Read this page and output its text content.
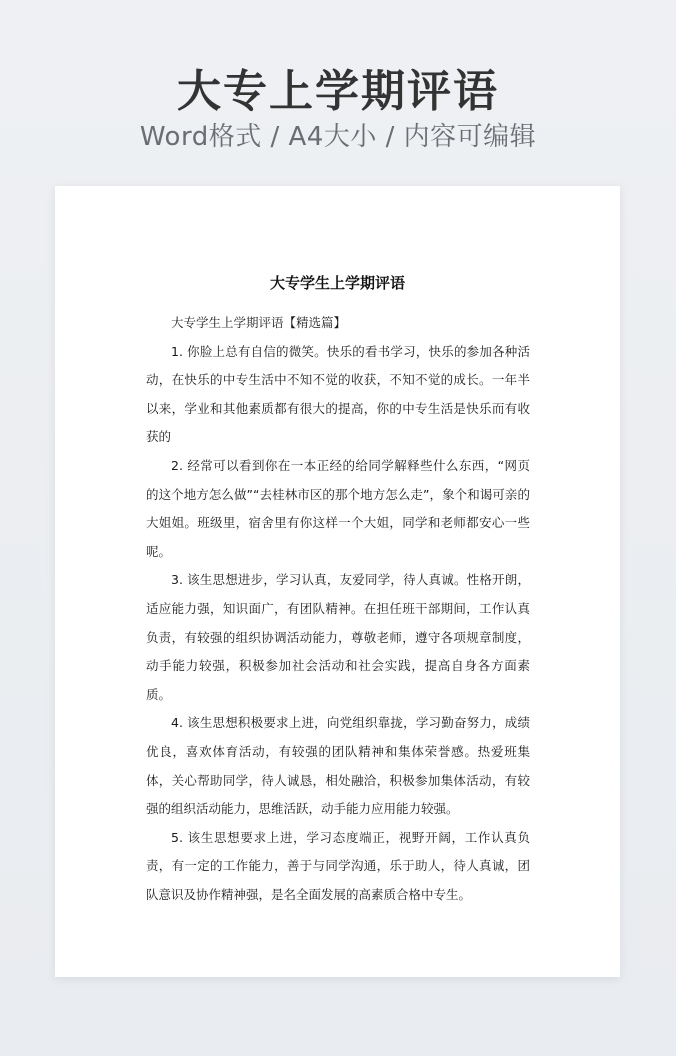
大专上学期评语
Word格式 / A4大小 / 内容可编辑
大专学生上学期评语

大专学生上学期评语【精选篇】

1. 你脸上总有自信的微笑。快乐的看书学习，快乐的参加各种活动，在快乐的中专生活中不知不觉的收获，不知不觉的成长。一年半以来，学业和其他素质都有很大的提高，你的中专生活是快乐而有收获的

2. 经常可以看到你在一本正经的给同学解释些什么东西，“网页的这个地方怎么做”“去桂林市区的那个地方怎么走”，象个和谒可亲的大姐姐。班级里，宿舍里有你这样一个大姐，同学和老师都安心一些呢。

3. 该生思想进步，学习认真，友爱同学，待人真诚。性格开朗，适应能力强，知识面广，有团队精神。在担任班干部期间，工作认真负责，有较强的组织协调活动能力，尊敬老师，遵守各项规章制度，动手能力较强，积极参加社会活动和社会实践，提高自身各方面素质。

4. 该生思想积极要求上进，向党组织靠拢，学习勤奋努力，成绩优良，喜欢体育活动，有较强的团队精神和集体荣誉感。热爱班集体，关心帮助同学，待人诚恳，相处融洽，积极参加集体活动，有较强的组织活动能力，思维活跃，动手能力应用能力较强。

5. 该生思想要求上进，学习态度端正，视野开阔，工作认真负责，有一定的工作能力，善于与同学沟通，乐于助人，待人真诚，团队意识及协作精神强，是名全面发展的高素质合格中专生。
